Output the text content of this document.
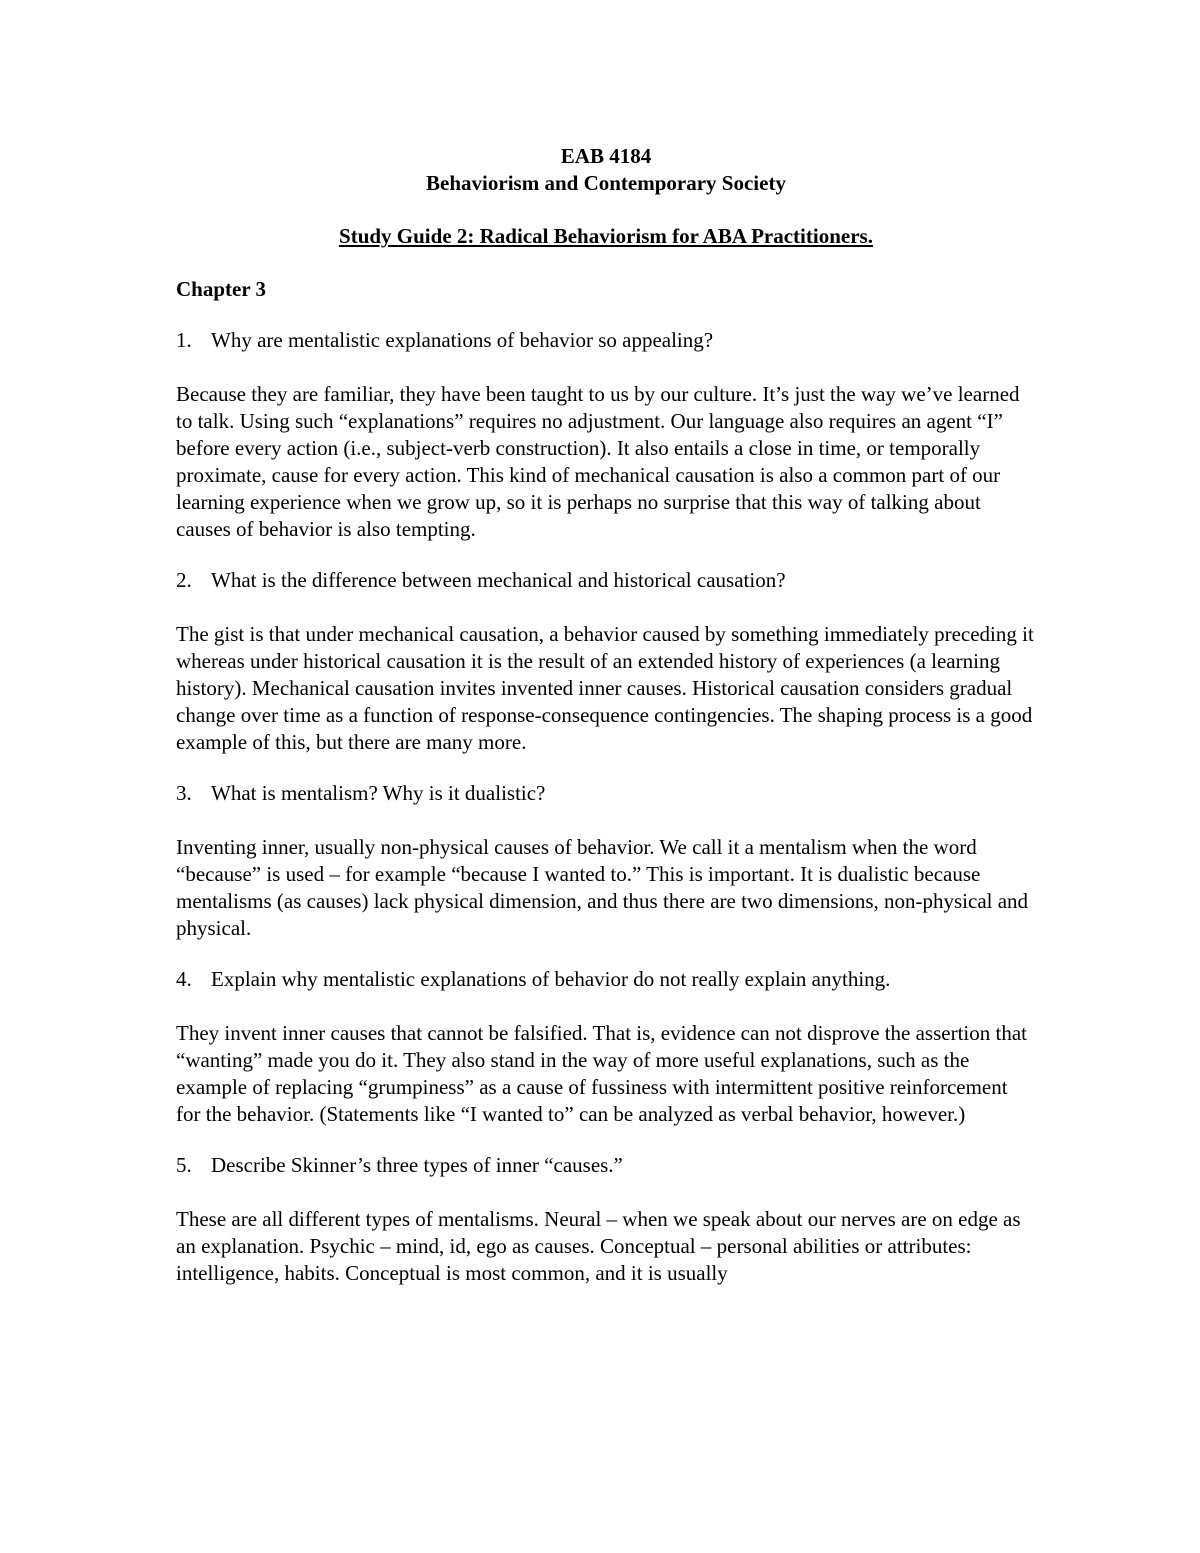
EAB 4184
Behaviorism and Contemporary Society
Study Guide 2: Radical Behaviorism for ABA Practitioners.
Chapter 3
1. Why are mentalistic explanations of behavior so appealing?
Because they are familiar, they have been taught to us by our culture. It’s just the way we’ve learned to talk. Using such “explanations” requires no adjustment. Our language also requires an agent “I” before every action (i.e., subject-verb construction). It also entails a close in time, or temporally proximate, cause for every action. This kind of mechanical causation is also a common part of our learning experience when we grow up, so it is perhaps no surprise that this way of talking about causes of behavior is also tempting.
2. What is the difference between mechanical and historical causation?
The gist is that under mechanical causation, a behavior caused by something immediately preceding it whereas under historical causation it is the result of an extended history of experiences (a learning history). Mechanical causation invites invented inner causes. Historical causation considers gradual change over time as a function of response-consequence contingencies. The shaping process is a good example of this, but there are many more.
3. What is mentalism? Why is it dualistic?
Inventing inner, usually non-physical causes of behavior. We call it a mentalism when the word “because” is used – for example “because I wanted to.” This is important. It is dualistic because mentalisms (as causes) lack physical dimension, and thus there are two dimensions, non-physical and physical.
4. Explain why mentalistic explanations of behavior do not really explain anything.
They invent inner causes that cannot be falsified. That is, evidence can not disprove the assertion that “wanting” made you do it. They also stand in the way of more useful explanations, such as the example of replacing “grumpiness” as a cause of fussiness with intermittent positive reinforcement for the behavior. (Statements like “I wanted to” can be analyzed as verbal behavior, however.)
5. Describe Skinner’s three types of inner “causes.”
These are all different types of mentalisms. Neural – when we speak about our nerves are on edge as an explanation. Psychic – mind, id, ego as causes. Conceptual – personal abilities or attributes: intelligence, habits. Conceptual is most common, and it is usually
